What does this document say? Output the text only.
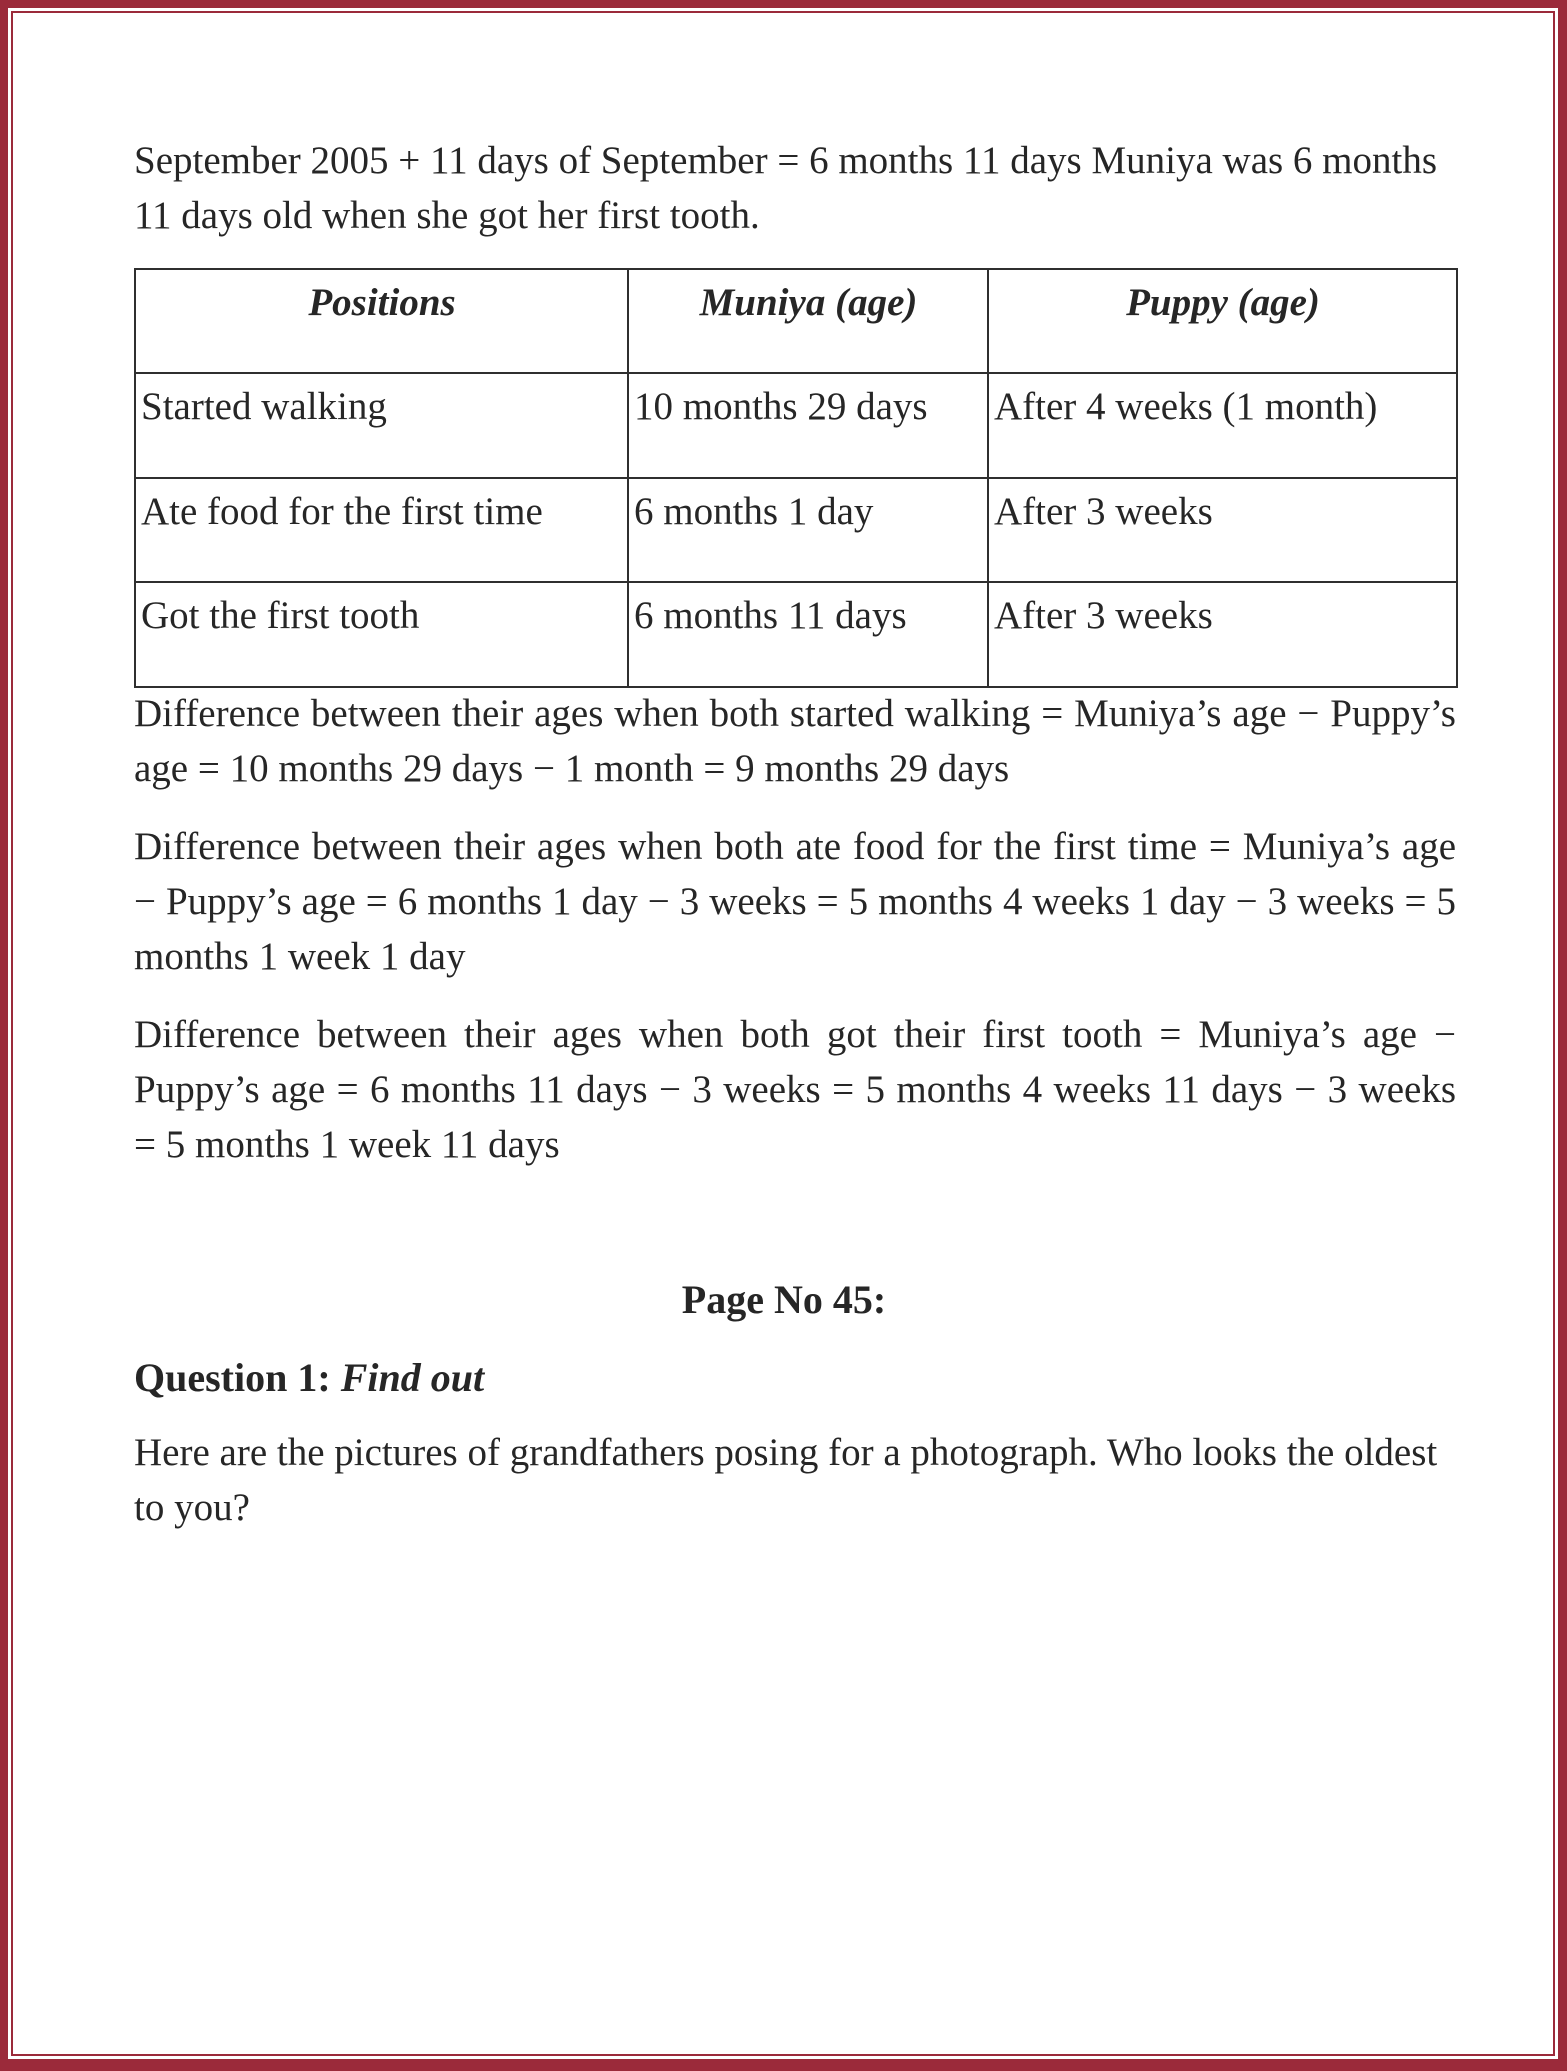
September 2005 + 11 days of September = 6 months 11 days Muniya was 6 months 11 days old when she got her first tooth.

Positions	Muniya (age)	Puppy (age)
Started walking	10 months 29 days	After 4 weeks (1 month)
Ate food for the first time	6 months 1 day	After 3 weeks
Got the first tooth	6 months 11 days	After 3 weeks

Difference between their ages when both started walking = Muniya’s age − Puppy’s age = 10 months 29 days − 1 month = 9 months 29 days

Difference between their ages when both ate food for the first time = Muniya’s age − Puppy’s age = 6 months 1 day − 3 weeks = 5 months 4 weeks 1 day − 3 weeks = 5 months 1 week 1 day

Difference between their ages when both got their first tooth = Muniya’s age − Puppy’s age = 6 months 11 days − 3 weeks = 5 months 4 weeks 11 days − 3 weeks = 5 months 1 week 11 days

Page No 45:
Question 1: Find out

Here are the pictures of grandfathers posing for a photograph. Who looks the oldest to you?
